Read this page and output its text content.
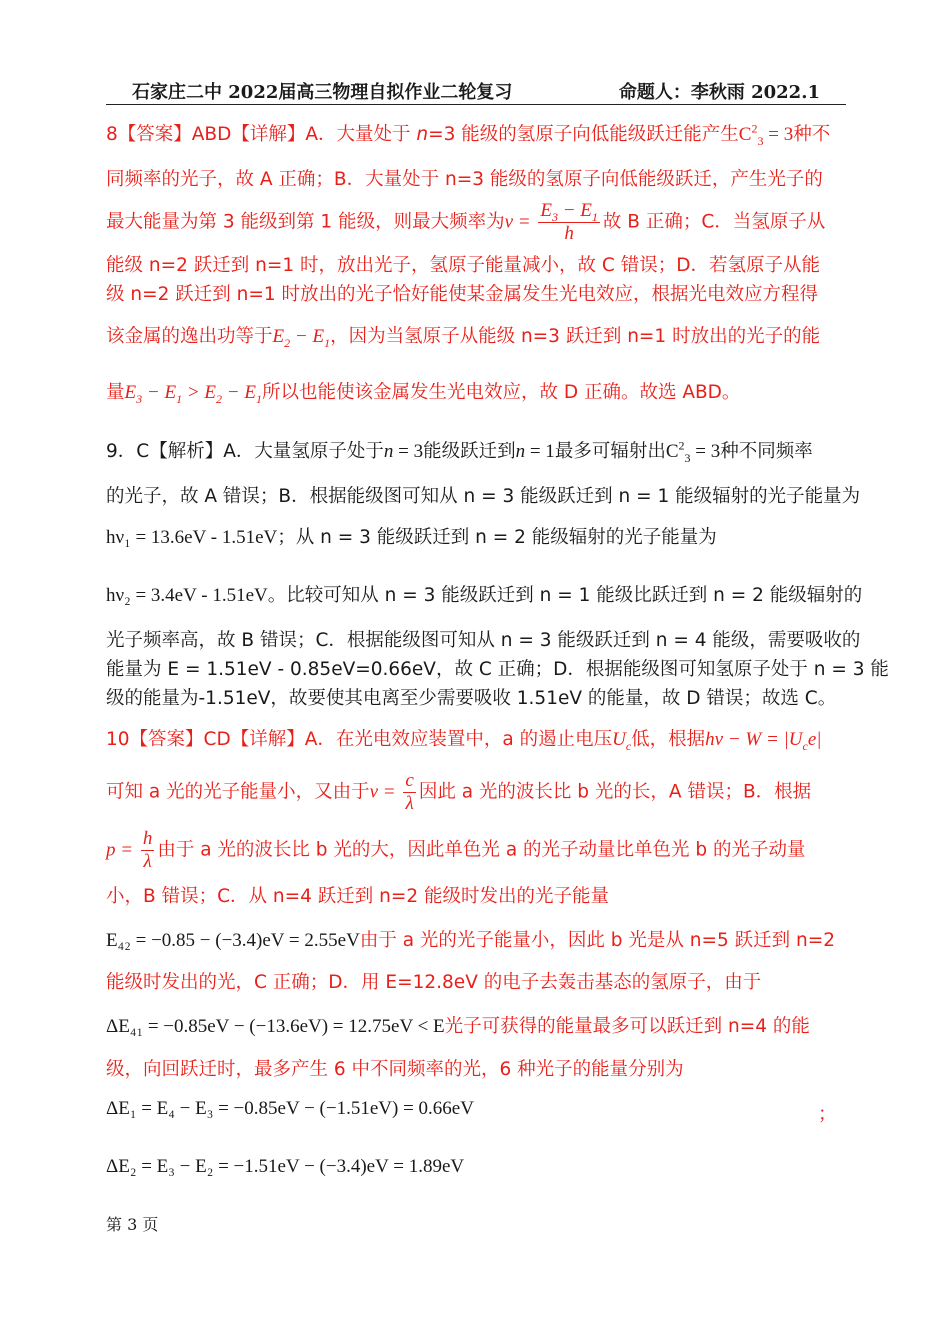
石家庄二中 2022届高三物理自拟作业二轮复习	命题人：李秋雨 2022.1
8【答案】ABD【详解】A．大量处于 n=3 能级的氢原子向低能级跃迁能产生$C^2_3 = 3$种不
同频率的光子，故 A 正确；B．大量处于 n=3 能级的氢原子向低能级跃迁，产生光子的
最大能量为第 3 能级到第 1 能级，则最大频率为$\nu = \frac{E_3 - E_1}{h}$ 故 B 正确；C．当氢原子从
能级 n=2 跃迁到 n=1 时，放出光子，氢原子能量减小，故 C 错误；D．若氢原子从能
级 n=2 跃迁到 n=1 时放出的光子恰好能使某金属发生光电效应，根据光电效应方程得
该金属的逸出功等于$E_2 - E_1$，因为当氢原子从能级 n=3 跃迁到 n=1 时放出的光子的能
量$E_3 - E_1 > E_2 - E_1$所以也能使该金属发生光电效应，故 D 正确。故选 ABD。
9．C【解析】A．大量氢原子处于n = 3能级跃迁到n = 1最多可辐射出$C^2_3 = 3$种不同频率
的光子，故 A 错误；B．根据能级图可知从 n = 3 能级跃迁到 n = 1 能级辐射的光子能量为
hν₁ = 13.6eV - 1.51eV；从 n = 3 能级跃迁到 n = 2 能级辐射的光子能量为
hν₂ = 3.4eV - 1.51eV。比较可知从 n = 3 能级跃迁到 n = 1 能级比跃迁到 n = 2 能级辐射的
光子频率高，故 B 错误；C．根据能级图可知从 n = 3 能级跃迁到 n = 4 能级，需要吸收的
能量为 E = 1.51eV - 0.85eV=0.66eV，故 C 正确；D．根据能级图可知氢原子处于 n = 3 能
级的能量为-1.51eV，故要使其电离至少需要吸收 1.51eV 的能量，故 D 错误；故选 C。
10【答案】CD【详解】A．在光电效应装置中，a 的遏止电压$U_c$低，根据$h\nu - W = |U_ce|$
可知 a 光的光子能量小，又由于$\nu = \frac{c}{\lambda}$ 因此 a 光的波长比 b 光的长，A 错误；B．根据
$p = \frac{h}{\lambda}$ 由于 a 光的波长比 b 光的大，因此单色光 a 的光子动量比单色光 b 的光子动量
小，B 错误；C．从 n=4 跃迁到 n=2 能级时发出的光子能量
E₄₂ = −0.85 − (−3.4)eV = 2.55eV由于 a 光的光子能量小，因此 b 光是从 n=5 跃迁到 n=2
能级时发出的光，C 正确；D．用 E=12.8eV 的电子去轰击基态的氢原子，由于
ΔE₄₁ = −0.85eV − (−13.6eV) = 12.75eV < E光子可获得的能量最多可以跃迁到 n=4 的能
级，向回跃迁时，最多产生 6 中不同频率的光，6 种光子的能量分别为
ΔE₁ = E₄ − E₃ = −0.85eV − (−1.51eV) = 0.66eV	；
ΔE₂ = E₃ − E₂ = −1.51eV − (−3.4)eV = 1.89eV
第 3 页
